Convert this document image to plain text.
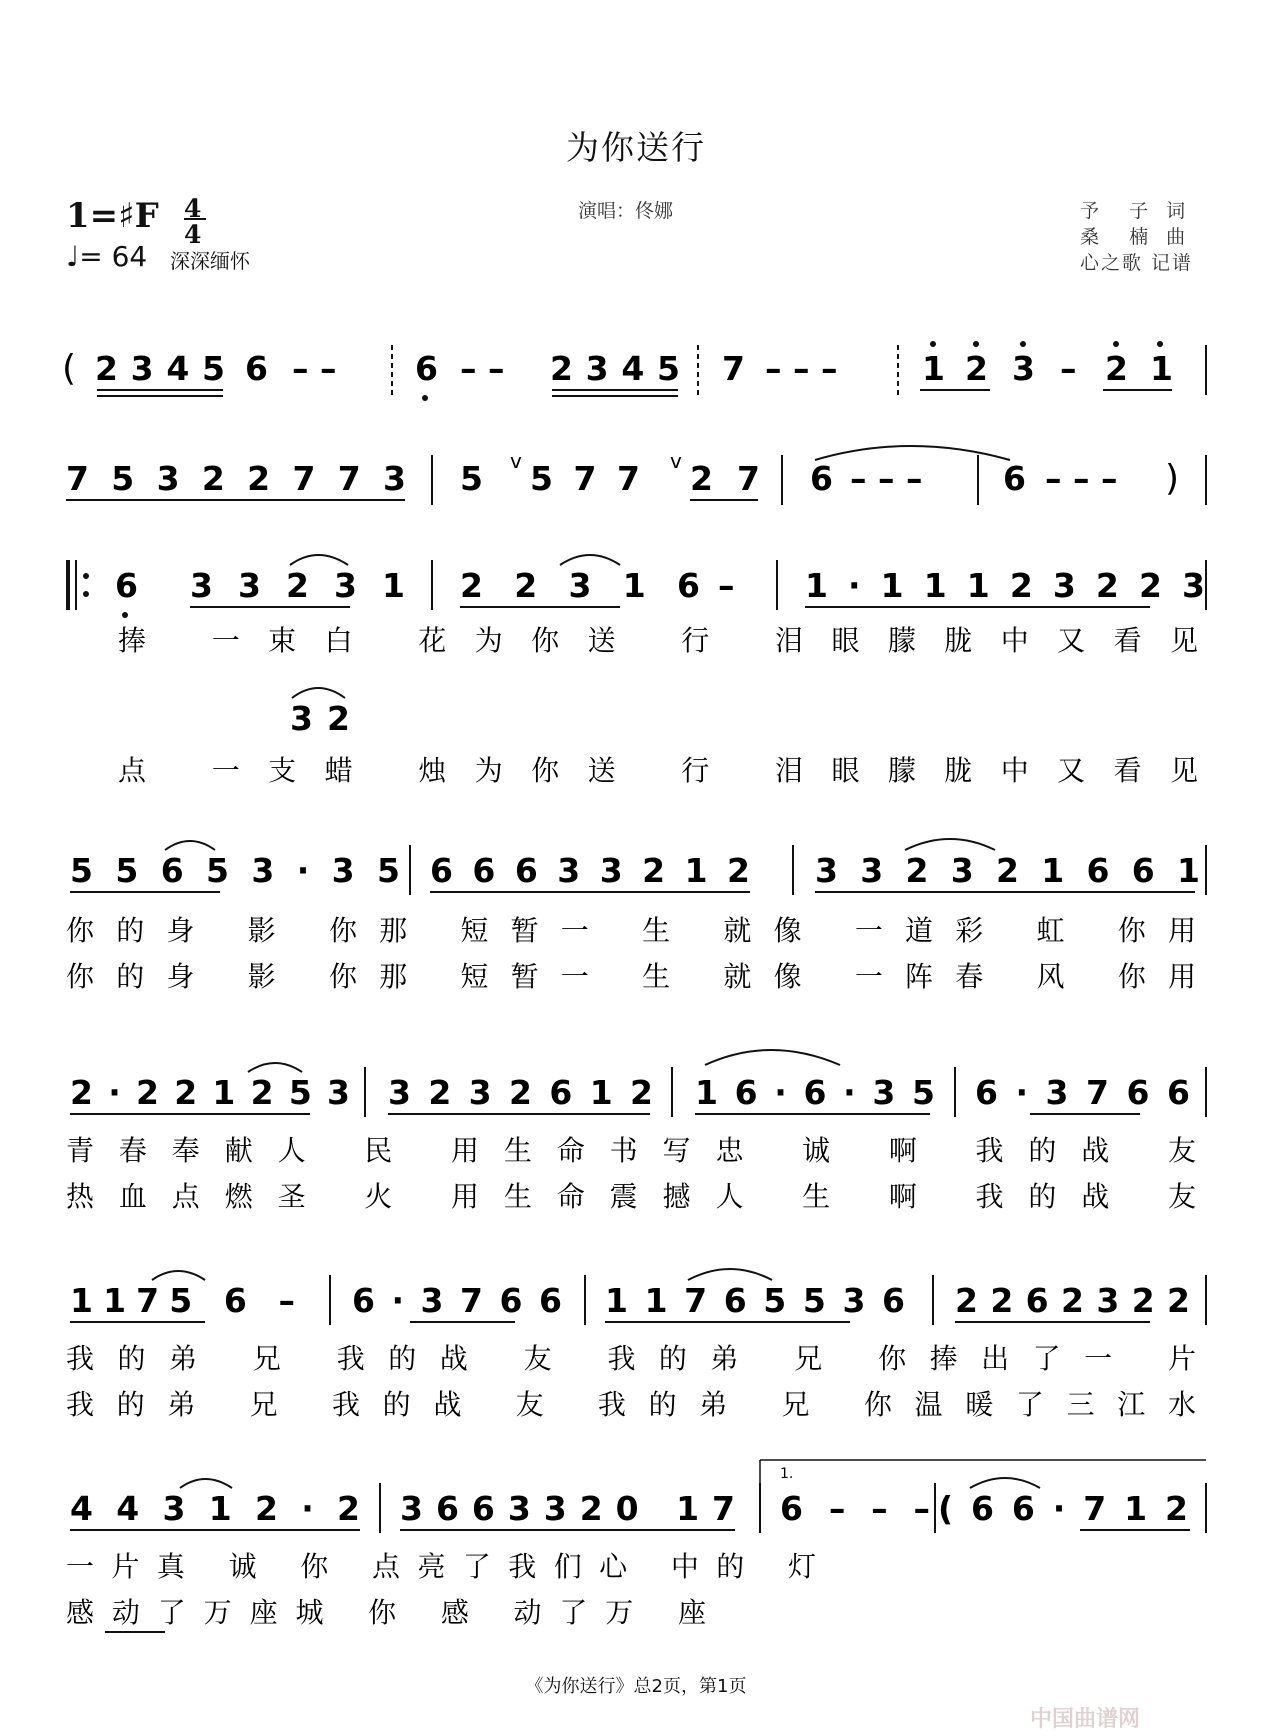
为你送行
演唱：佟娜	予  子 词
桑  楠 曲
心之歌 记谱
1=♯F 4
4
♩= 64 深深缅怀
( 2345 6 – – 6 – – 2345 7 – – –	1 2 3 – 2 1
75322773 5 v 577 v 27 6 – – – 6 – – – )
6 33231 22316 – 1·11123223
捧 一束白 花为你送 行 泪眼朦胧中又看见
32
点 一支蜡 烛为你送 行 泪眼朦胧中又看见
55653·35 66633212 332321661
你的身 影 你那 短暂一 生 就像 一道彩 虹 你用
你的身 影 你那 短暂一 生 就像 一阵春 风 你用
2·221253 3232612 16·6·35 6·3766
青春奉献人 民 用生命书写忠 诚 啊 我的战 友
热血点燃圣 火 用生命震撼人 生 啊 我的战 友
1175 6 – 6·3766 11765536 2262322
我的弟 兄 我的战 友 我的弟 兄 你捧出了一 片
我的弟 兄 我的战 友 我的弟 兄 你温暖了三江水
44312·2 3663320 17
1.
6 – – – (66·712
一片真 诚 你 点亮了我们心 中的 灯
感动了万座城 你 感 动了万 座
《为你送行》总2页，第1页
中国曲谱网
